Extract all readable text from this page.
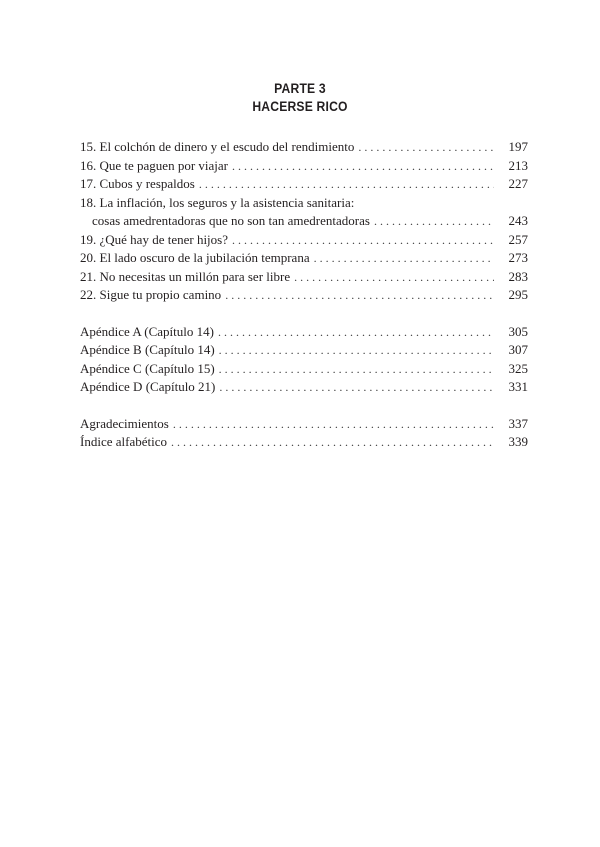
PARTE 3
HACERSE RICO
15. El colchón de dinero y el escudo del rendimiento . . .	197
16. Que te paguen por viajar . . .	213
17. Cubos y respaldos . . .	227
18. La inflación, los seguros y la asistencia sanitaria:
cosas amedrentadoras que no son tan amedrentadoras . . .	243
19. ¿Qué hay de tener hijos? . . .	257
20. El lado oscuro de la jubilación temprana . . .	273
21. No necesitas un millón para ser libre . . .	283
22. Sigue tu propio camino . . .	295
Apéndice A (Capítulo 14) . . .	305
Apéndice B (Capítulo 14) . . .	307
Apéndice C (Capítulo 15) . . .	325
Apéndice D (Capítulo 21) . . .	331
Agradecimientos . . .	337
Índice alfabético . . .	339
